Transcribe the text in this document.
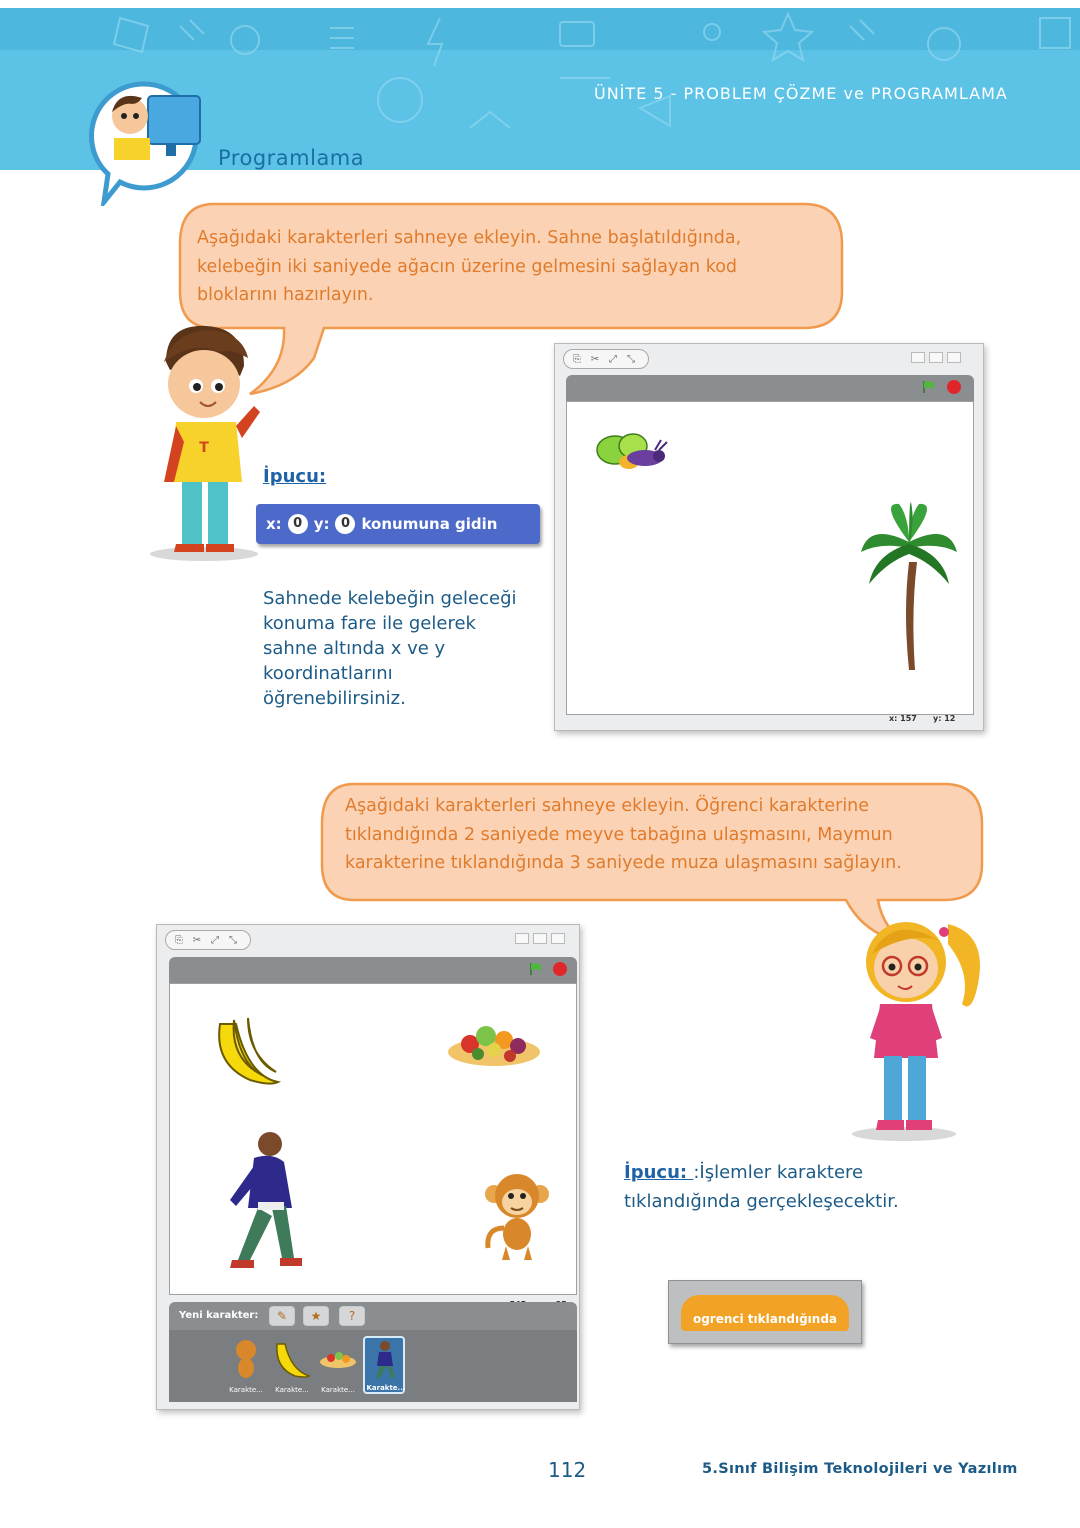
ÜNİTE 5 - PROBLEM ÇÖZME ve PROGRAMLAMA
Programlama
Aşağıdaki karakterleri sahneye ekleyin. Sahne başlatıldığında,
kelebeğin iki saniyede ağacın üzerine gelmesini sağlayan kod
bloklarını hazırlayın.
T
İpucu:
x: 0 y: 0 konumuna gidin
Sahnede kelebeğin geleceği
konuma fare ile gelerek
sahne altında x ve y
koordinatlarını
öğrenebilirsiniz.
⎘ ✂ ⤢	⤡
x: 157 y: 12
Aşağıdaki karakterleri sahneye ekleyin. Öğrenci karakterine
tıklandığında 2 saniyede meyve tabağına ulaşmasını, Maymun
karakterine tıklandığında 3 saniyede muza ulaşmasını sağlayın.
⎘ ✂ ⤢	⤡
Yeni karakter:	✎	★	?
Karakte...	Karakte...	Karakte...	Karakte...
İpucu: :İşlemler karaktere
tıklandığında gerçekleşecektir.
ogrenci tıklandığında
112	5.Sınıf Bilişim Teknolojileri ve Yazılım
